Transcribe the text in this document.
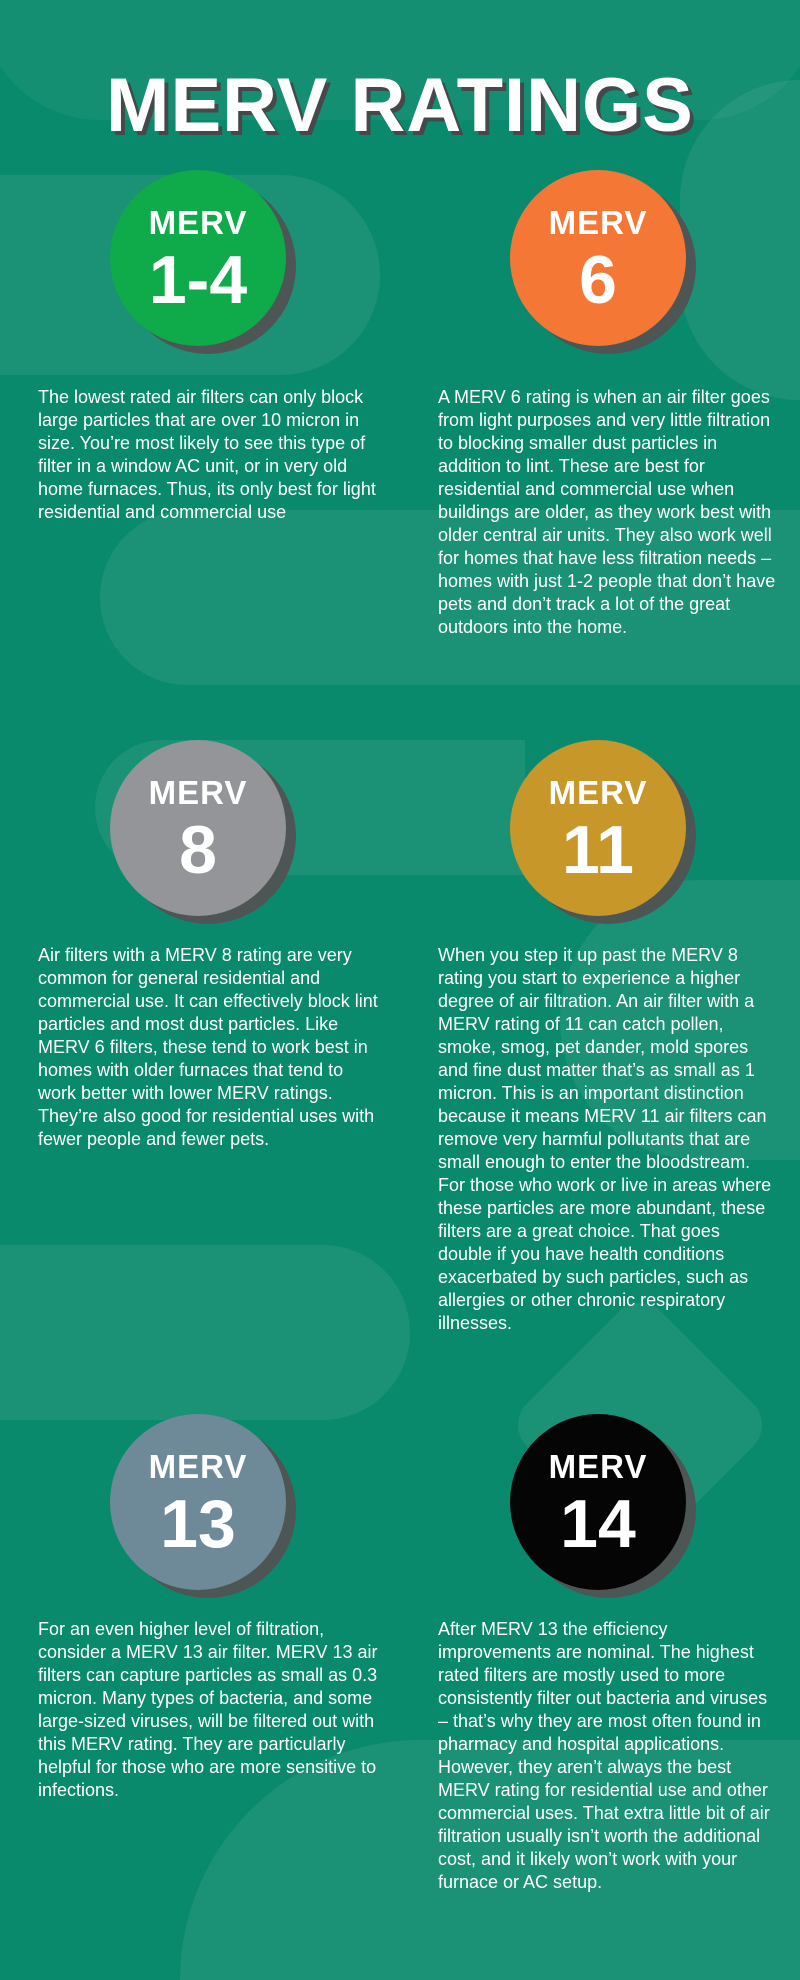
MERV RATINGS
MERV
1-4

The lowest rated air filters can only block large particles that are over 10 micron in size. You’re most likely to see this type of filter in a window AC unit, or in very old home furnaces. Thus, its only best for light residential and commercial use

MERV
6

A MERV 6 rating is when an air filter goes from light purposes and very little filtration to blocking smaller dust particles in addition to lint. These are best for residential and commercial use when buildings are older, as they work best with older central air units. They also work well for homes that have less filtration needs – homes with just 1-2 people that don’t have pets and don’t track a lot of the great outdoors into the home.

MERV
8

Air filters with a MERV 8 rating are very common for general residential and commercial use. It can effectively block lint particles and most dust particles. Like MERV 6 filters, these tend to work best in homes with older furnaces that tend to work better with lower MERV ratings. They’re also good for residential uses with fewer people and fewer pets.

MERV
11

When you step it up past the MERV 8 rating you start to experience a higher degree of air filtration. An air filter with a MERV rating of 11 can catch pollen, smoke, smog, pet dander, mold spores and fine dust matter that’s as small as 1 micron. This is an important distinction because it means MERV 11 air filters can remove very harmful pollutants that are small enough to enter the bloodstream. For those who work or live in areas where these particles are more abundant, these filters are a great choice. That goes double if you have health conditions exacerbated by such particles, such as allergies or other chronic respiratory illnesses.

MERV
13

For an even higher level of filtration, consider a MERV 13 air filter. MERV 13 air filters can capture particles as small as 0.3 micron. Many types of bacteria, and some large-sized viruses, will be filtered out with this MERV rating. They are particularly helpful for those who are more sensitive to infections.

MERV
14

After MERV 13 the efficiency improvements are nominal. The highest rated filters are mostly used to more consistently filter out bacteria and viruses – that’s why they are most often found in pharmacy and hospital applications. However, they aren’t always the best MERV rating for residential use and other commercial uses. That extra little bit of air filtration usually isn’t worth the additional cost, and it likely won’t work with your furnace or AC setup.
